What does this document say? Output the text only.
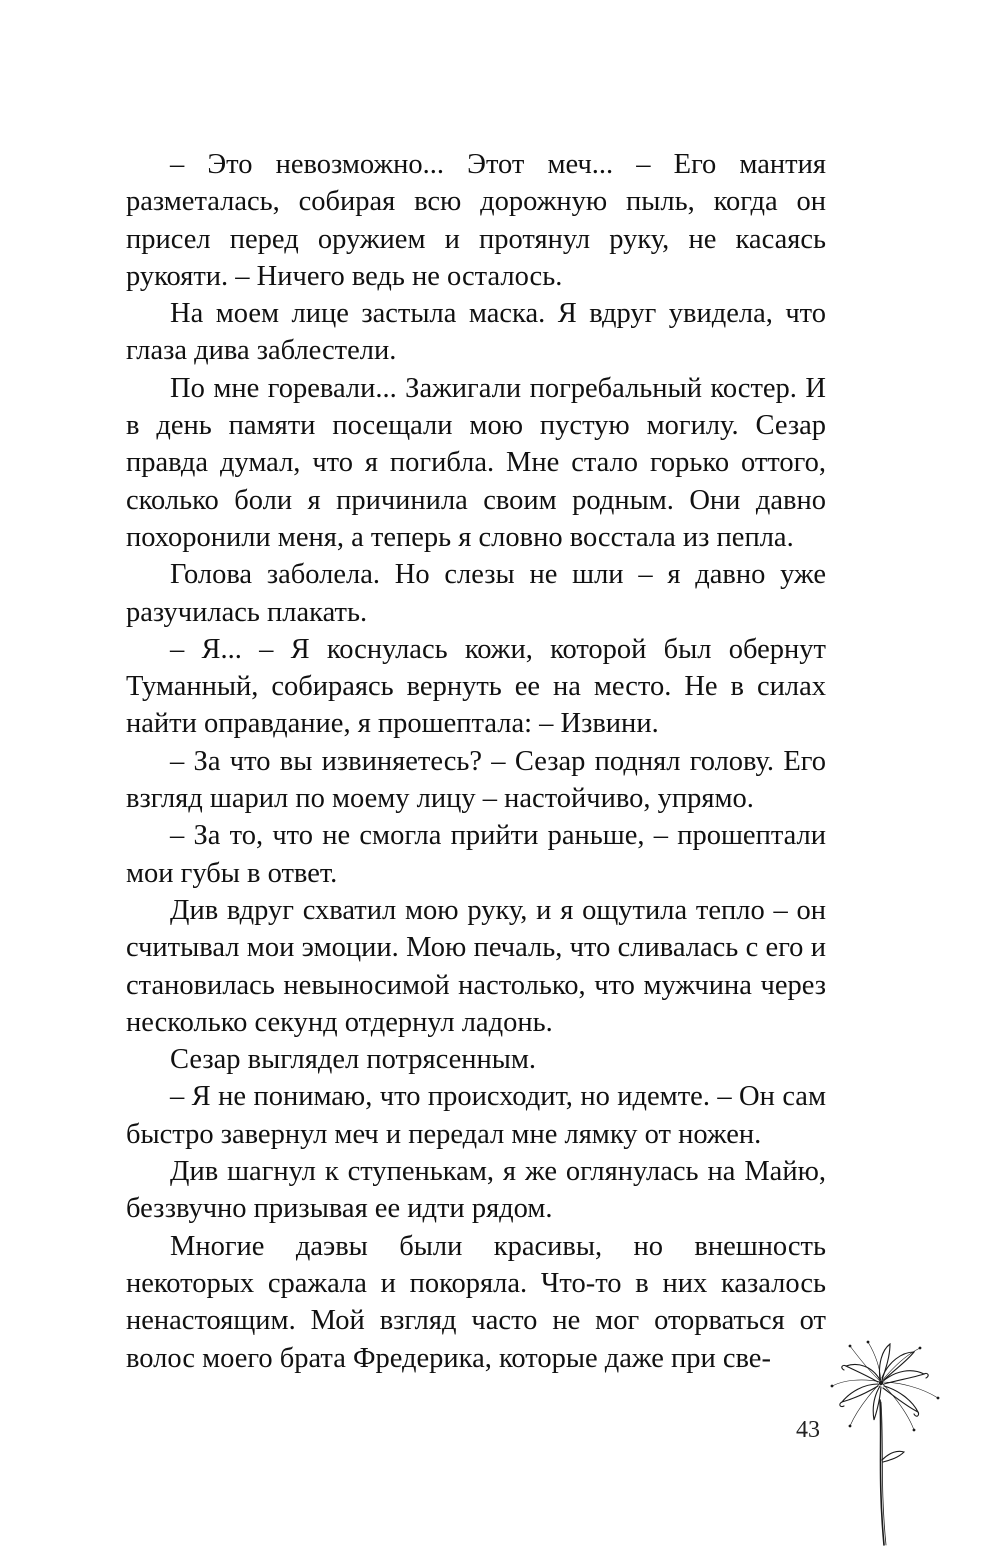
– Это невозможно... Этот меч... – Его мантия разметалась, собирая всю дорожную пыль, когда он присел перед оружием и протянул руку, не касаясь рукояти. – Ничего ведь не осталось.

На моем лице застыла маска. Я вдруг увидела, что глаза дива заблестели.

По мне горевали... Зажигали погребальный костер. И в день памяти посещали мою пустую могилу. Сезар правда думал, что я погибла. Мне стало горько оттого, сколько боли я причинила своим родным. Они давно похоронили меня, а теперь я словно восстала из пепла.

Голова заболела. Но слезы не шли – я давно уже разучилась плакать.

– Я... – Я коснулась кожи, которой был обернут Туманный, собираясь вернуть ее на место. Не в силах найти оправдание, я прошептала: – Извини.

– За что вы извиняетесь? – Сезар поднял голову. Его взгляд шарил по моему лицу – настойчиво, упрямо.

– За то, что не смогла прийти раньше, – прошептали мои губы в ответ.

Див вдруг схватил мою руку, и я ощутила тепло – он считывал мои эмоции. Мою печаль, что сливалась с его и становилась невыносимой настолько, что мужчина через несколько секунд отдернул ладонь.

Сезар выглядел потрясенным.

– Я не понимаю, что происходит, но идемте. – Он сам быстро завернул меч и передал мне лямку от ножен.

Див шагнул к ступенькам, я же оглянулась на Майю, беззвучно призывая ее идти рядом.

Многие даэвы были красивы, но внешность некоторых сражала и покоряла. Что-то в них казалось ненастоящим. Мой взгляд часто не мог оторваться от волос моего брата Фредерика, которые даже при све-

43
